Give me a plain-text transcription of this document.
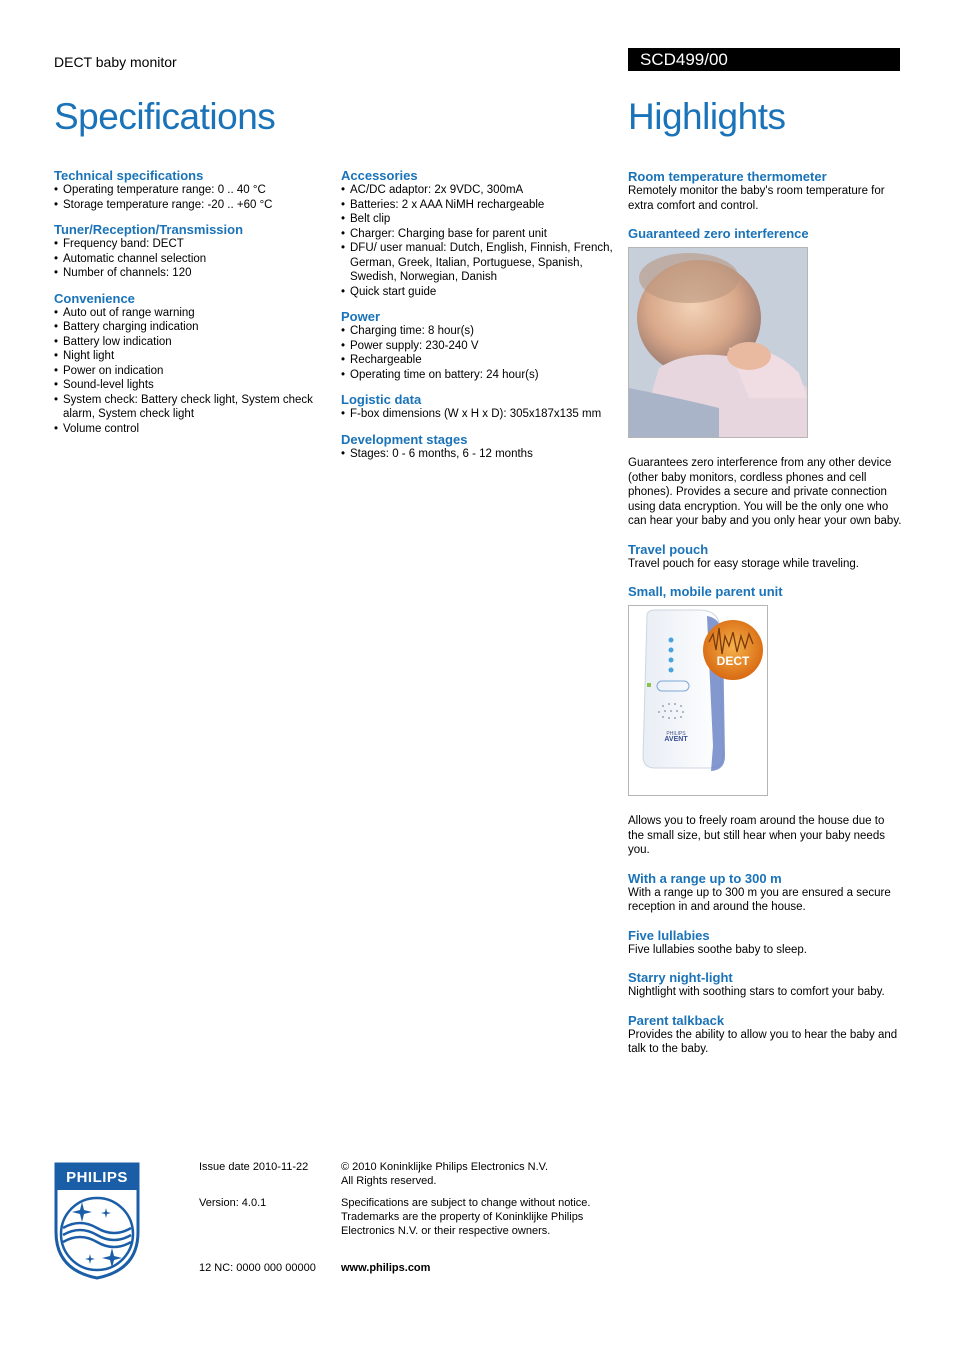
DECT baby monitor	SCD499/00
Specifications	Highlights

Technical specifications

• Operating temperature range: 0 .. 40 °C
• Storage temperature range: -20 .. +60 °C

Tuner/Reception/Transmission

• Frequency band: DECT
• Automatic channel selection
• Number of channels: 120

Convenience

• Auto out of range warning
• Battery charging indication
• Battery low indication
• Night light
• Power on indication
• Sound-level lights
• System check: Battery check light, System check alarm, System check light
• Volume control

Accessories

• AC/DC adaptor: 2x 9VDC, 300mA
• Batteries: 2 x AAA NiMH rechargeable
• Belt clip
• Charger: Charging base for parent unit
• DFU/ user manual: Dutch, English, Finnish, French, German, Greek, Italian, Portuguese, Spanish, Swedish, Norwegian, Danish
• Quick start guide

Power

• Charging time: 8 hour(s)
• Power supply: 230-240 V
• Rechargeable
• Operating time on battery: 24 hour(s)

Logistic data

• F-box dimensions (W x H x D): 305x187x135 mm

Development stages

• Stages: 0 - 6 months, 6 - 12 months

Room temperature thermometer

Remotely monitor the baby's room temperature for extra comfort and control.

Guaranteed zero interference

Guarantees zero interference from any other device (other baby monitors, cordless phones and cell phones). Provides a secure and private connection using data encryption. You will be the only one who can hear your baby and you only hear your own baby.

Travel pouch

Travel pouch for easy storage while traveling.

Small, mobile parent unit

DECT
PHILIPS
AVENT

Allows you to freely roam around the house due to the small size, but still hear when your baby needs you.

With a range up to 300 m

With a range up to 300 m you are ensured a secure reception in and around the house.

Five lullabies

Five lullabies soothe baby to sleep.

Starry night-light

Nightlight with soothing stars to comfort your baby.

Parent talkback

Provides the ability to allow you to hear the baby and talk to the baby.

PHILIPS
Issue date 2010-11-22
Version: 4.0.1
12 NC: 0000 000 00000
© 2010 Koninklijke Philips Electronics N.V.
All Rights reserved.
Specifications are subject to change without notice.
Trademarks are the property of Koninklijke Philips
Electronics N.V. or their respective owners.
www.philips.com
